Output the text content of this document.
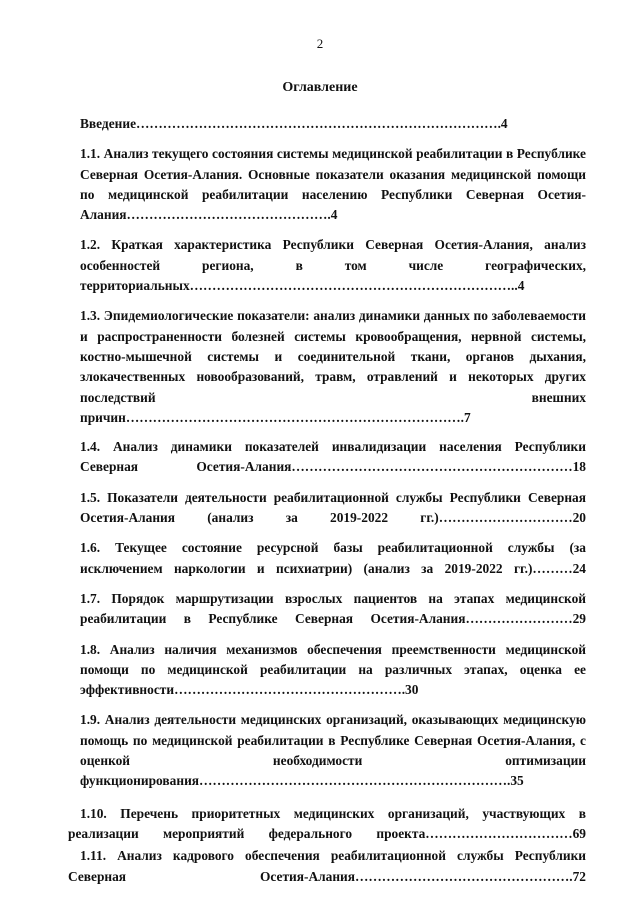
2
Оглавление

Введение……………………………………………………………………….4

1.1. Анализ текущего состояния системы медицинской реабилитации в Республике Северная Осетия-Алания. Основные показатели оказания медицинской помощи по медицинской реабилитации населению Республики Северная Осетия-Алания……………………………………….4

1.2. Краткая характеристика Республики Северная Осетия-Алания, анализ особенностей региона, в том числе географических, территориальных………………………………………………………………..4

1.3. Эпидемиологические показатели: анализ динамики данных по заболеваемости и распространенности болезней системы кровообращения, нервной системы, костно-мышечной системы и соединительной ткани, органов дыхания, злокачественных новообразований, травм, отравлений и некоторых других последствий внешних причин………………………………………………………………….7

1.4. Анализ динамики показателей инвалидизации населения Республики Северная Осетия-Алания………………………………………………………18

1.5. Показатели деятельности реабилитационной службы Республики Северная Осетия-Алания (анализ за 2019-2022 гг.)…………………………20

1.6. Текущее состояние ресурсной базы реабилитационной службы (за исключением наркологии и психиатрии) (анализ за 2019-2022 гг.)………24

1.7. Порядок маршрутизации взрослых пациентов на этапах медицинской реабилитации в Республике Северная Осетия-Алания……………………29

1.8. Анализ наличия механизмов обеспечения преемственности медицинской помощи по медицинской реабилитации на различных этапах, оценка ее эффективности…………………………………………….30

1.9. Анализ деятельности медицинских организаций, оказывающих медицинскую помощь по медицинской реабилитации в Республике Северная Осетия-Алания, с оценкой необходимости оптимизации функционирования…………………………………………………………….35

1.10. Перечень приоритетных медицинских организаций, участвующих в реализации мероприятий федерального проекта……………………………69

1.11. Анализ кадрового обеспечения реабилитационной службы Республики Северная Осетия-Алания………………………………………….72
